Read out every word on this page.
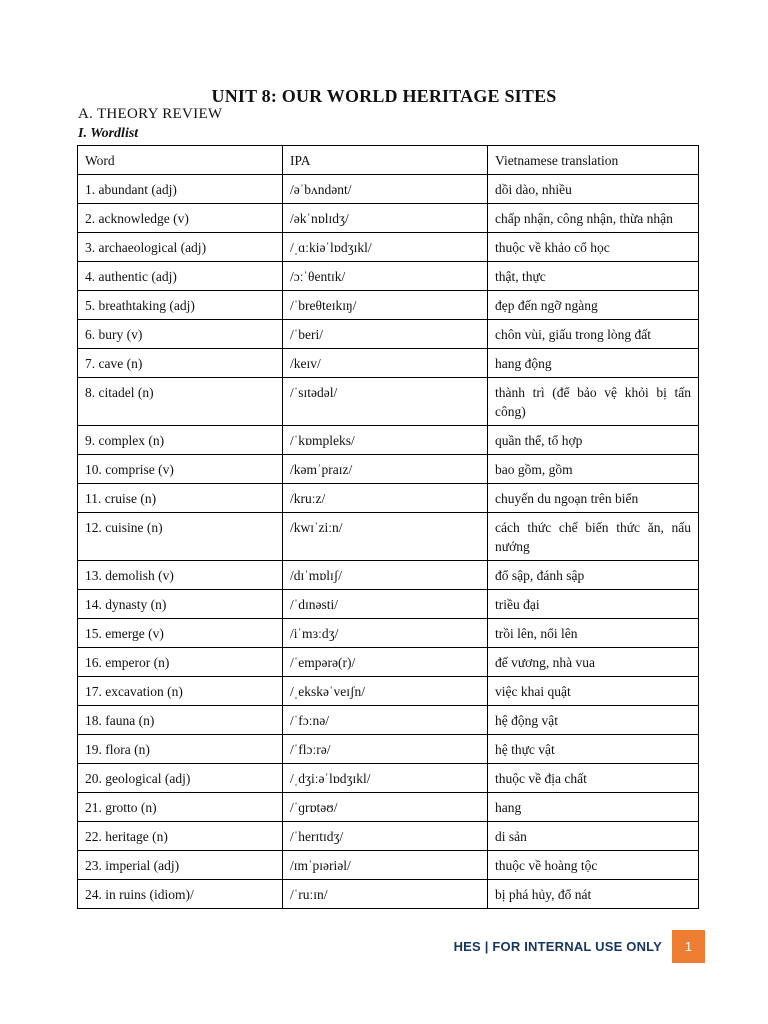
UNIT 8: OUR WORLD HERITAGE SITES
A. THEORY REVIEW
I. Wordlist
Word	IPA	Vietnamese translation
1. abundant (adj)	/əˈbʌndənt/	dồi dào, nhiều
2. acknowledge (v)	/əkˈnɒlɪdʒ/	chấp nhận, công nhận, thừa nhận
3. archaeological (adj)	/ˌɑːkiəˈlɒdʒɪkl/	thuộc về khảo cổ học
4. authentic (adj)	/ɔːˈθentɪk/	thật, thực
5. breathtaking (adj)	/ˈbreθteɪkɪŋ/	đẹp đến ngỡ ngàng
6. bury (v)	/ˈberi/	chôn vùi, giấu trong lòng đất
7. cave (n)	/keɪv/	hang động
8. citadel (n)	/ˈsɪtədəl/	thành trì (để bảo vệ khỏi bị tấn công)
9. complex (n)	/ˈkɒmpleks/	quần thể, tổ hợp
10. comprise (v)	/kəmˈpraɪz/	bao gồm, gồm
11. cruise (n)	/kruːz/	chuyến du ngoạn trên biển
12. cuisine (n)	/kwɪˈziːn/	cách thức chế biến thức ăn, nấu nướng
13. demolish (v)	/dɪˈmɒlɪʃ/	đổ sập, đánh sập
14. dynasty (n)	/ˈdɪnəsti/	triều đại
15. emerge (v)	/iˈmɜːdʒ/	trồi lên, nổi lên
16. emperor (n)	/ˈempərə(r)/	đế vương, nhà vua
17. excavation (n)	/ˌekskəˈveɪʃn/	việc khai quật
18. fauna (n)	/ˈfɔːnə/	hệ động vật
19. flora (n)	/ˈflɔːrə/	hệ thực vật
20. geological (adj)	/ˌdʒiːəˈlɒdʒɪkl/	thuộc về địa chất
21. grotto (n)	/ˈɡrɒtəʊ/	hang
22. heritage (n)	/ˈherɪtɪdʒ/	di sản
23. imperial (adj)	/ɪmˈpɪəriəl/	thuộc về hoàng tộc
24. in ruins (idiom)/	/ˈruːɪn/	bị phá hủy, đổ nát
HES | FOR INTERNAL USE ONLY	1
